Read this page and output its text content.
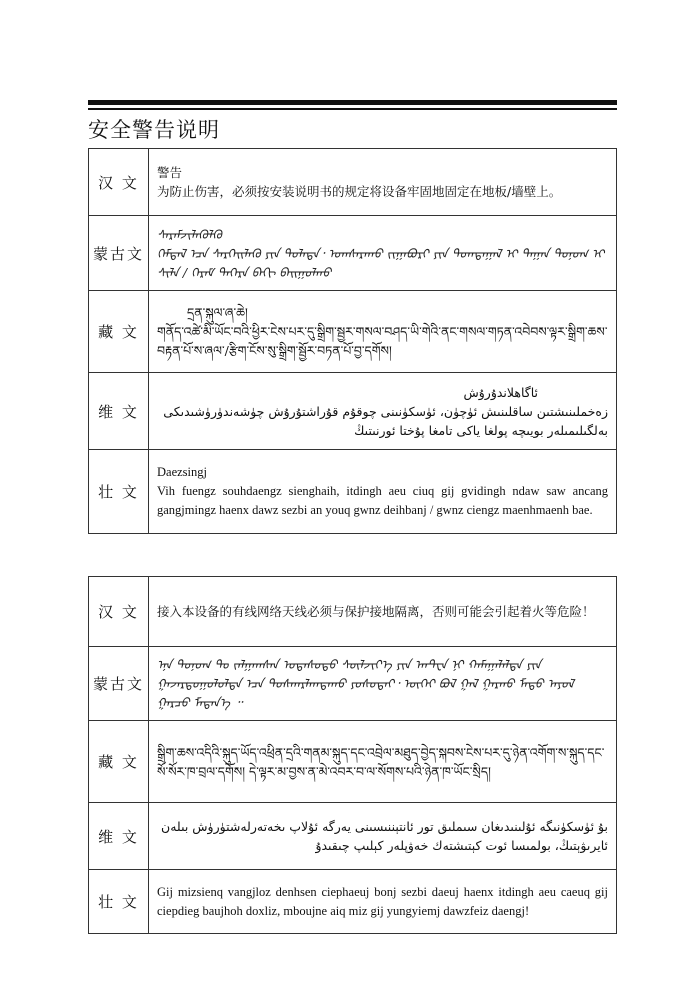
安全警告说明
汉 文	警告
为防止伤害，必须按安装说明书的规定将设备牢固地固定在地板/墙壁上。

蒙古文	ᠰᠡᠷᠡᠮᠵᠢᠯᠡᠭᠦᠯᠬᠦ
ᠭᠡᠮᠲᠡᠯ ᠡᠴᠡ ᠰᠡᠷᠭᠡᠢᠯᠡᠬᠦ ᠶᠢᠨ ᠲᠤᠯᠠᠳᠠ᠂ ᠤᠭᠰᠠᠷᠠᠬᠤ ᠵᠢᠭᠠᠪᠤᠷᠢ ᠶᠢᠨ ᠲᠣᠭᠲᠠᠭᠠᠯ ᠢ ᠳᠠᠭᠠᠨ ᠲᠣᠨᠣᠭ ᠢ ᠰᠢᠯᠠ / ᠬᠡᠷᠡᠮ ᠳᠡᠭᠡᠷᠡ ᠪᠠᠬᠢ ᠪᠠᠢᠭᠤᠯᠬᠤ

藏 文	དྲན་སྐུལ་ཞ་ཆེ།
གནོད་འཚེ་མི་ཡོང་བའི་ཕྱིར་ངེས་པར་དུ་སྒྲིག་སྦྱར་གསལ་བཤད་ཡི་གེའི་ནང་གསལ་གཏན་འབེབས་ལྟར་སྒྲིག་ཆས་བརྟན་པོ་ས་ཞལ་/རྩིག་ངོས་སུ་སྒྲིག་སྦྱོར་བཏན་པོ་བྱ་དགོས།

维 文	ئاگاھلاندۇرۇش
زەخملىنىشتىن ساقلىنىش ئۈچۈن، ئۈسكۈنىنى چوقۇم قۇراشتۇرۇش چۈشەندۈرۈشىدىكى بەلگىلىمىلەر بويىچە پولغا ياكى تامغا پۇختا ئورنىتىڭ

壮 文	Daezsingj
Vih fuengz souhdaengz sienghaih, itdingh aeu ciuq gij gvidingh ndaw saw ancang gangjmingz haenx dawz sezbi an youq gwnz deihbanj / gwnz ciengz maenhmaenh bae.
汉 文	接入本设备的有线网络天线必须与保护接地隔离，否则可能会引起着火等危险！
蒙古文	ᠡᠨᠡ ᠲᠣᠨᠣᠭ ᠲᠤ ᠵᠠᠯᠭᠠᠭᠰᠠᠨ ᠤᠲᠠᠰᠤᠲᠤ ᠰᠦᠯᠵᠢᠶ᠎ᠡ ᠶᠢᠨ ᠠᠨᠲ᠋ᠧᠨ ᠨᠢ ᠬᠠᠮᠠᠭᠠᠯᠠᠯᠲᠠ ᠶᠢᠨ ᠭᠠᠵᠠᠷᠳᠤᠭᠤᠯᠤᠯᠲᠠ ᠡᠴᠡ ᠲᠤᠰᠭᠠᠷᠯᠠᠭᠳᠠᠬᠤ ᠶᠣᠰᠤᠲᠠᠢ᠂ ᠦᠭᠡᠢ ᠪᠣᠯ ᠭᠠᠯ ᠭᠠᠷᠬᠤ ᠮᠡᠲᠦ ᠠᠶᠤᠯ ᠭᠠᠷᠴᠤ ᠮᠡᠳᠡᠨ᠎ᠡ ᠃
藏 文	སྒྲིག་ཆས་འདིའི་སྐུད་ཡོད་འཕྲིན་དྲའི་གནམ་སྐུད་དང་འབྲེལ་མཐུད་བྱེད་སྐབས་ངེས་པར་དུ་ཉེན་འགོག་ས་སྐུད་དང་སོ་སོར་ཁ་བྲལ་དགོས། དེ་ལྟར་མ་བྱས་ན་མེ་འབར་བ་ལ་སོགས་པའི་ཉེན་ཁ་ཡོང་སྲིད།
维 文	بۇ ئۈسكۈنىگە ئۇلىنىدىغان سىملىق تور ئانتېننىسىنى يەرگە ئۇلاپ ىخەتەرلەشتۈرۈش بىلەن ئايرىۋېتىڭ، بولمىسا ئوت كېتىشتەك خەۋپلەر كېلىپ چىقىدۇ
壮 文	Gij mizsienq vangjloz denhsen ciephaeuj bonj sezbi daeuj haenx itdingh aeu caeuq gij ciepdieg baujhoh doxliz, mboujne aiq miz gij yungyiemj dawzfeiz daengj!
